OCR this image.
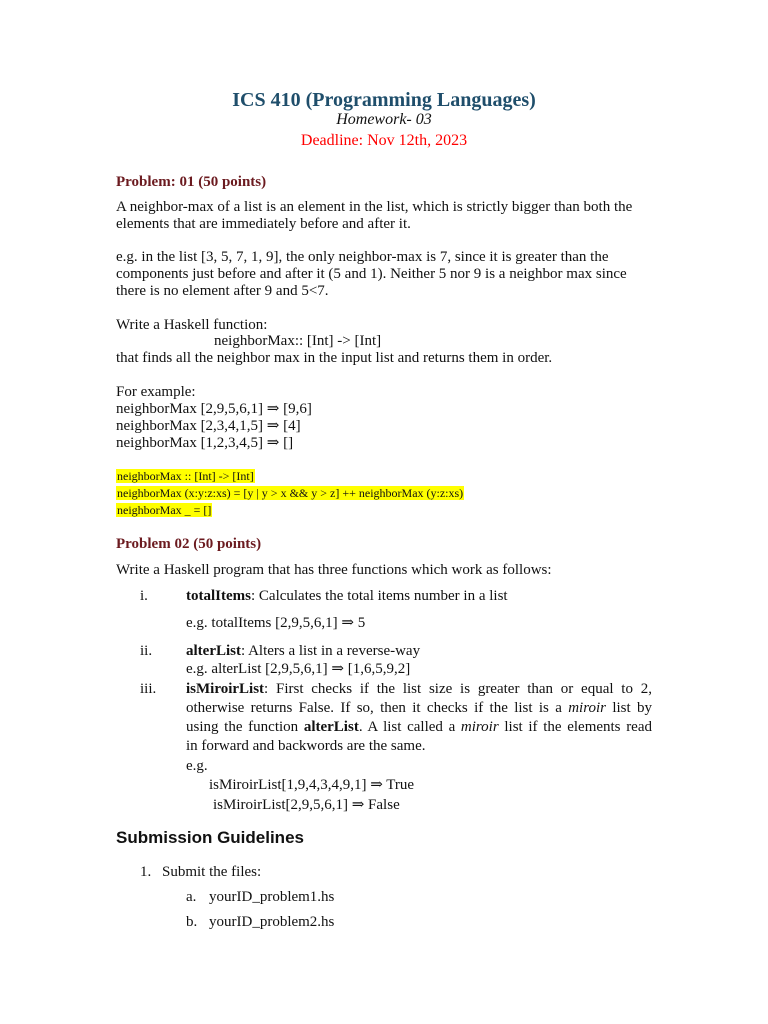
ICS 410 (Programming Languages)
Homework- 03
Deadline: Nov 12th, 2023
Problem: 01 (50 points)
A neighbor-max of a list is an element in the list, which is strictly bigger than both the
elements that are immediately before and after it.
e.g. in the list [3, 5, 7, 1, 9], the only neighbor-max is 7, since it is greater than the
components just before and after it (5 and 1). Neither 5 nor 9 is a neighbor max since
there is no element after 9 and 5<7.
Write a Haskell function:
neighborMax:: [Int] -> [Int]
that finds all the neighbor max in the input list and returns them in order.
For example:
neighborMax [2,9,5,6,1] ⇒ [9,6]
neighborMax [2,3,4,1,5] ⇒ [4]
neighborMax [1,2,3,4,5] ⇒ []
neighborMax :: [Int] -> [Int]
neighborMax (x:y:z:xs) = [y | y > x && y > z] ++ neighborMax (y:z:xs)
neighborMax _ = []
Problem 02 (50 points)
Write a Haskell program that has three functions which work as follows:
i.	totalItems: Calculates the total items number in a list
e.g. totalItems [2,9,5,6,1] ⇒ 5
ii. alterList: Alters a list in a reverse-way
e.g. alterList [2,9,5,6,1] ⇒ [1,6,5,9,2]
iii. isMiroirList: First checks if the list size is greater than or equal to 2,
otherwise returns False. If so, then it checks if the list is a miroir list by
using the function alterList. A list called a miroir list if the elements read
in forward and backwords are the same.
e.g.
isMiroirList[1,9,4,3,4,9,1] ⇒ True
isMiroirList[2,9,5,6,1] ⇒ False
Submission Guidelines
1. Submit the files:
a. yourID_problem1.hs
b. yourID_problem2.hs
